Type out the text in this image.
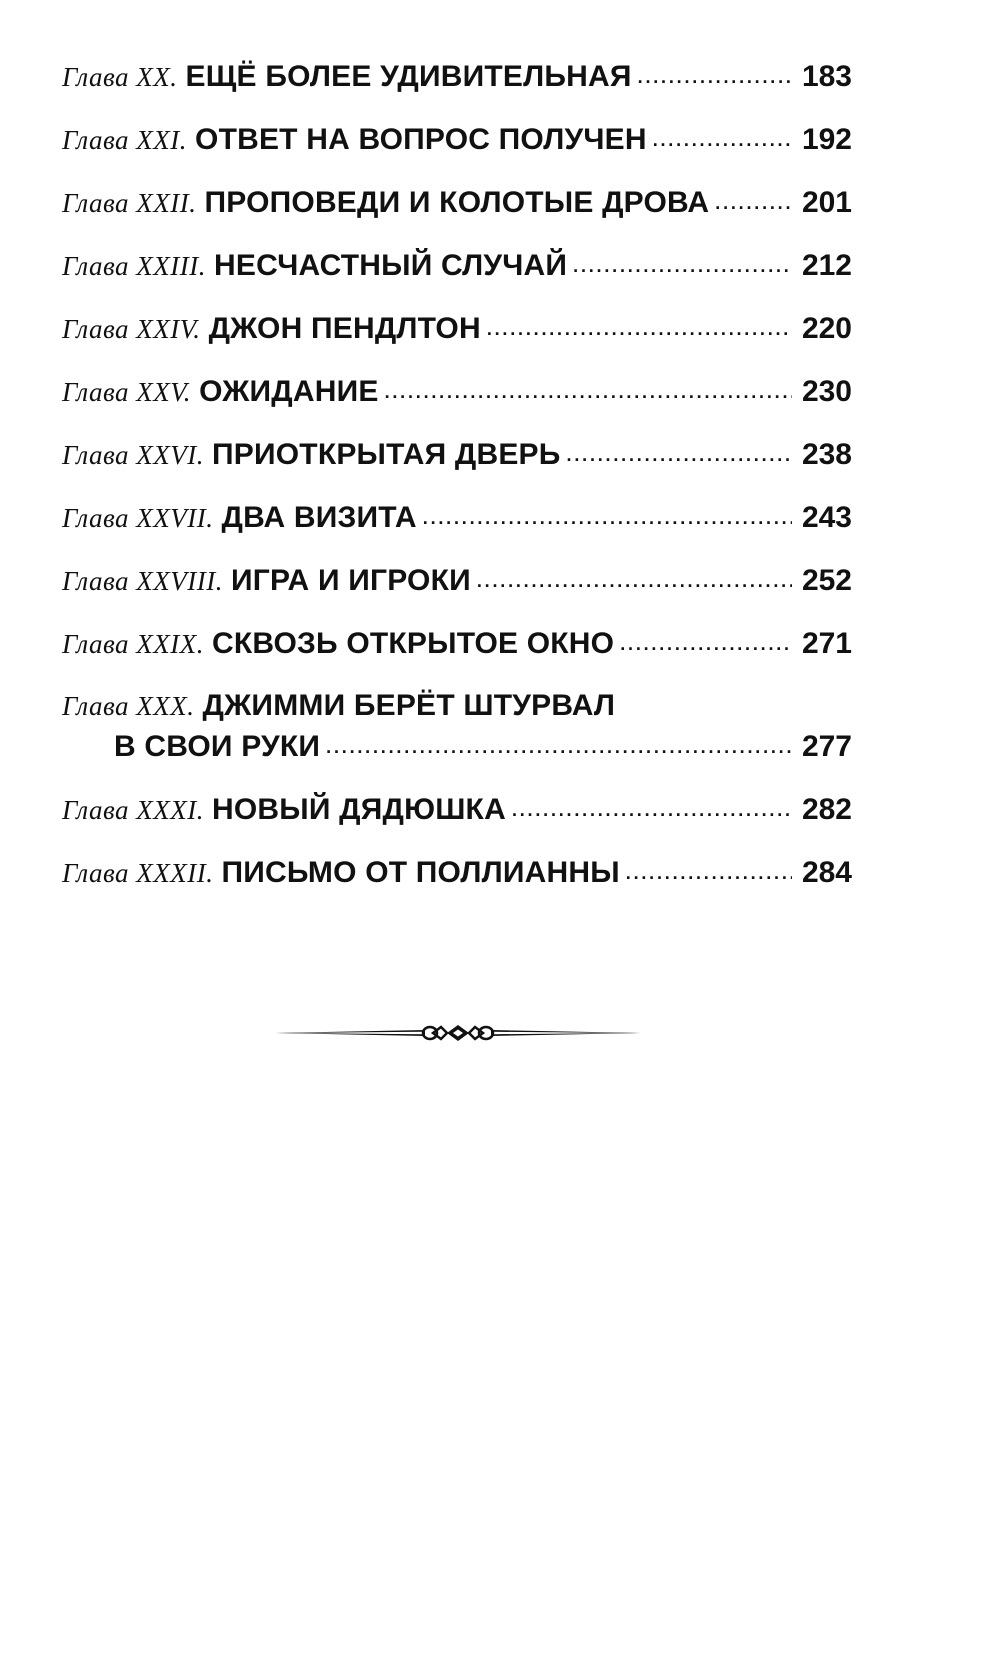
Глава XX. ЕЩЁ БОЛЕЕ УДИВИТЕЛЬНАЯ . . .	183
Глава XXI. ОТВЕТ НА ВОПРОС ПОЛУЧЕН . . .	192
Глава XXII. ПРОПОВЕДИ И КОЛОТЫЕ ДРОВА . . .	201
Глава XXIII. НЕСЧАСТНЫЙ СЛУЧАЙ . . .	212
Глава XXIV. ДЖОН ПЕНДЛТОН . . .	220
Глава XXV. ОЖИДАНИЕ . . .	230
Глава XXVI. ПРИОТКРЫТАЯ ДВЕРЬ . . .	238
Глава XXVII. ДВА ВИЗИТА . . .	243
Глава XXVIII. ИГРА И ИГРОКИ . . .	252
Глава XXIX. СКВОЗЬ ОТКРЫТОЕ ОКНО . . .	271
Глава XXX. ДЖИММИ БЕРЁТ ШТУРВАЛ
В СВОИ РУКИ . . .	277
Глава XXXI. НОВЫЙ ДЯДЮШКА . . .	282
Глава XXXII. ПИСЬМО ОТ ПОЛЛИАННЫ . . .	284
